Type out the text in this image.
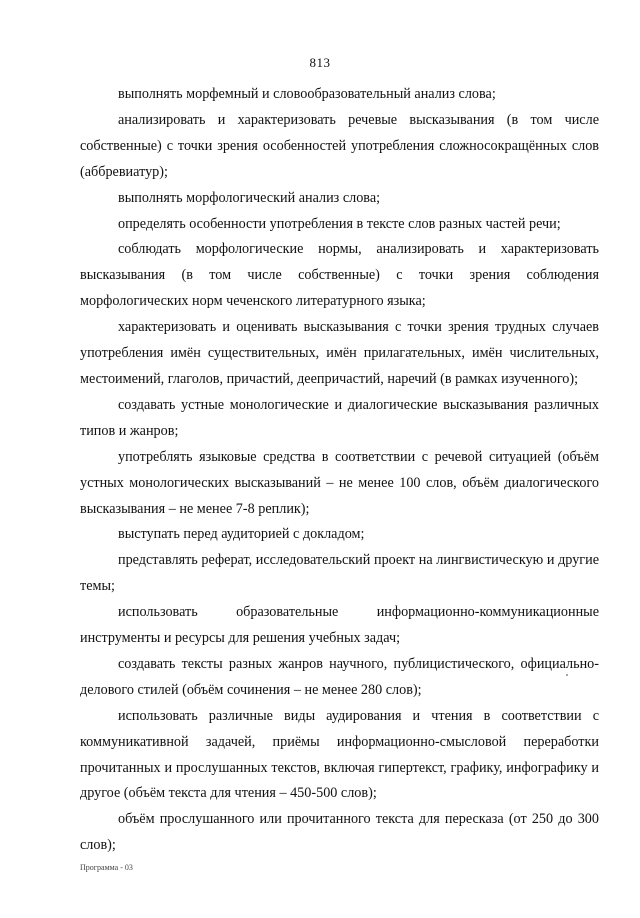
813

выполнять морфемный и словообразовательный анализ слова;

анализировать и характеризовать речевые высказывания (в том числе собственные) с точки зрения особенностей употребления сложносокращённых слов (аббревиатур);

выполнять морфологический анализ слова;

определять особенности употребления в тексте слов разных частей речи;

соблюдать морфологические нормы, анализировать и характеризовать высказывания (в том числе собственные) с точки зрения соблюдения морфологических норм чеченского литературного языка;

характеризовать и оценивать высказывания с точки зрения трудных случаев употребления имён существительных, имён прилагательных, имён числительных, местоимений, глаголов, причастий, деепричастий, наречий (в рамках изученного);

создавать устные монологические и диалогические высказывания различных типов и жанров;

употреблять языковые средства в соответствии с речевой ситуацией (объём устных монологических высказываний – не менее 100 слов, объём диалогического высказывания – не менее 7-8 реплик);

выступать перед аудиторией с докладом;

представлять реферат, исследовательский проект на лингвистическую и другие темы;

использовать образовательные информационно-коммуникационные инструменты и ресурсы для решения учебных задач;

создавать тексты разных жанров научного, публицистического, официально-делового стилей (объём сочинения – не менее 280 слов);

использовать различные виды аудирования и чтения в соответствии с коммуникативной задачей, приёмы информационно-смысловой переработки прочитанных и прослушанных текстов, включая гипертекст, графику, инфографику и другое (объём текста для чтения – 450-500 слов);

объём прослушанного или прочитанного текста для пересказа (от 250 до 300 слов);

Программа - 03
